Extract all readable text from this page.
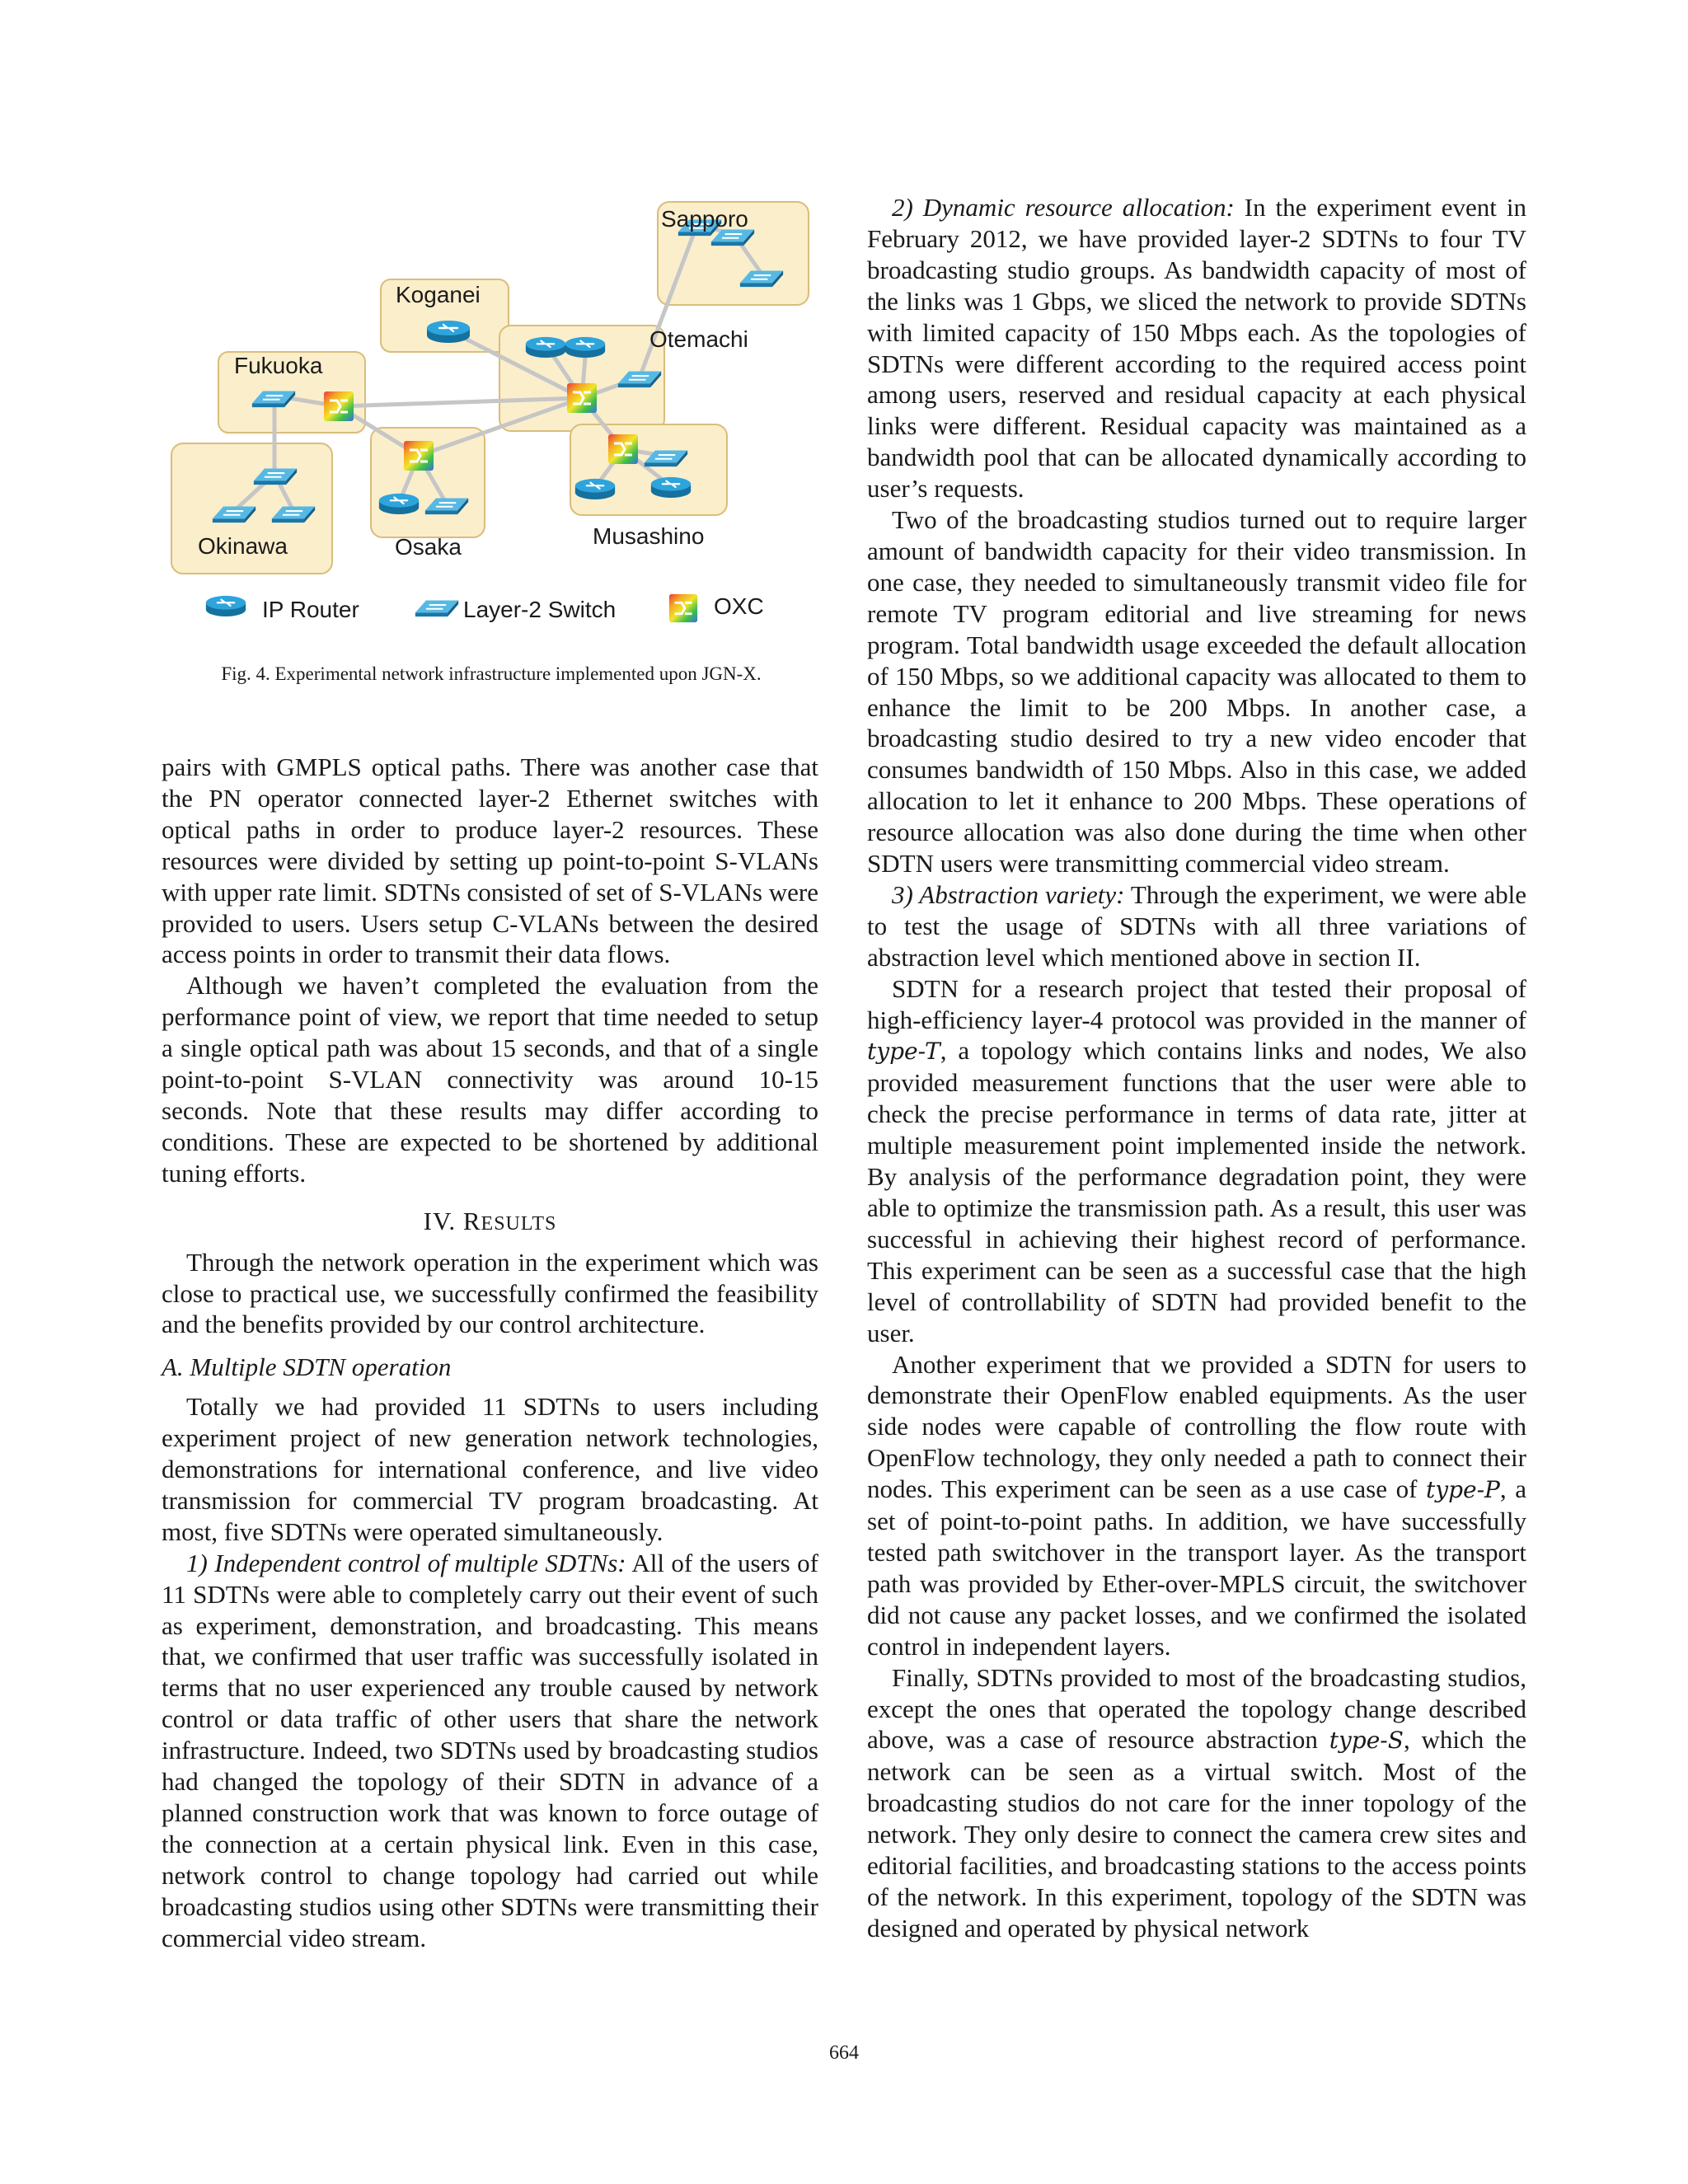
Sapporo
Koganei
Otemachi
Fukuoka
Okinawa	Osaka	Musashino
IP Router	Layer-2 Switch	OXC
Fig. 4. Experimental network infrastructure implemented upon JGN-X.

pairs with GMPLS optical paths. There was another case that the PN operator connected layer-2 Ethernet switches with optical paths in order to produce layer-2 resources. These resources were divided by setting up point-to-point S-VLANs with upper rate limit. SDTNs consisted of set of S-VLANs were provided to users. Users setup C-VLANs between the desired access points in order to transmit their data flows.

Although we haven’t completed the evaluation from the performance point of view, we report that time needed to setup a single optical path was about 15 seconds, and that of a single point-to-point S-VLAN connectivity was around 10-15 seconds. Note that these results may differ according to conditions. These are expected to be shortened by additional tuning efforts.

IV. RESULTS

Through the network operation in the experiment which was close to practical use, we successfully confirmed the feasibility and the benefits provided by our control architecture.

A. Multiple SDTN operation

Totally we had provided 11 SDTNs to users including experiment project of new generation network technologies, demonstrations for international conference, and live video transmission for commercial TV program broadcasting. At most, five SDTNs were operated simultaneously.

1) Independent control of multiple SDTNs: All of the users of 11 SDTNs were able to completely carry out their event of such as experiment, demonstration, and broadcasting. This means that, we confirmed that user traffic was successfully isolated in terms that no user experienced any trouble caused by network control or data traffic of other users that share the network infrastructure. Indeed, two SDTNs used by broadcasting studios had changed the topology of their SDTN in advance of a planned construction work that was known to force outage of the connection at a certain physical link. Even in this case, network control to change topology had carried out while broadcasting studios using other SDTNs were transmitting their commercial video stream.

2) Dynamic resource allocation: In the experiment event in February 2012, we have provided layer-2 SDTNs to four TV broadcasting studio groups. As bandwidth capacity of most of the links was 1 Gbps, we sliced the network to provide SDTNs with limited capacity of 150 Mbps each. As the topologies of SDTNs were different according to the required access point among users, reserved and residual capacity at each physical links were different. Residual capacity was maintained as a bandwidth pool that can be allocated dynamically according to user’s requests.

Two of the broadcasting studios turned out to require larger amount of bandwidth capacity for their video transmission. In one case, they needed to simultaneously transmit video file for remote TV program editorial and live streaming for news program. Total bandwidth usage exceeded the default allocation of 150 Mbps, so we additional capacity was allocated to them to enhance the limit to be 200 Mbps. In another case, a broadcasting studio desired to try a new video encoder that consumes bandwidth of 150 Mbps. Also in this case, we added allocation to let it enhance to 200 Mbps. These operations of resource allocation was also done during the time when other SDTN users were transmitting commercial video stream.

3) Abstraction variety: Through the experiment, we were able to test the usage of SDTNs with all three variations of abstraction level which mentioned above in section II.

SDTN for a research project that tested their proposal of high-efficiency layer-4 protocol was provided in the manner of type-T, a topology which contains links and nodes, We also provided measurement functions that the user were able to check the precise performance in terms of data rate, jitter at multiple measurement point implemented inside the network. By analysis of the performance degradation point, they were able to optimize the transmission path. As a result, this user was successful in achieving their highest record of performance. This experiment can be seen as a successful case that the high level of controllability of SDTN had provided benefit to the user.

Another experiment that we provided a SDTN for users to demonstrate their OpenFlow enabled equipments. As the user side nodes were capable of controlling the flow route with OpenFlow technology, they only needed a path to connect their nodes. This experiment can be seen as a use case of type-P, a set of point-to-point paths. In addition, we have successfully tested path switchover in the transport layer. As the transport path was provided by Ether-over-MPLS circuit, the switchover did not cause any packet losses, and we confirmed the isolated control in independent layers.

Finally, SDTNs provided to most of the broadcasting studios, except the ones that operated the topology change described above, was a case of resource abstraction type-S, which the network can be seen as a virtual switch. Most of the broadcasting studios do not care for the inner topology of the network. They only desire to connect the camera crew sites and editorial facilities, and broadcasting stations to the access points of the network. In this experiment, topology of the SDTN was designed and operated by physical network

664
